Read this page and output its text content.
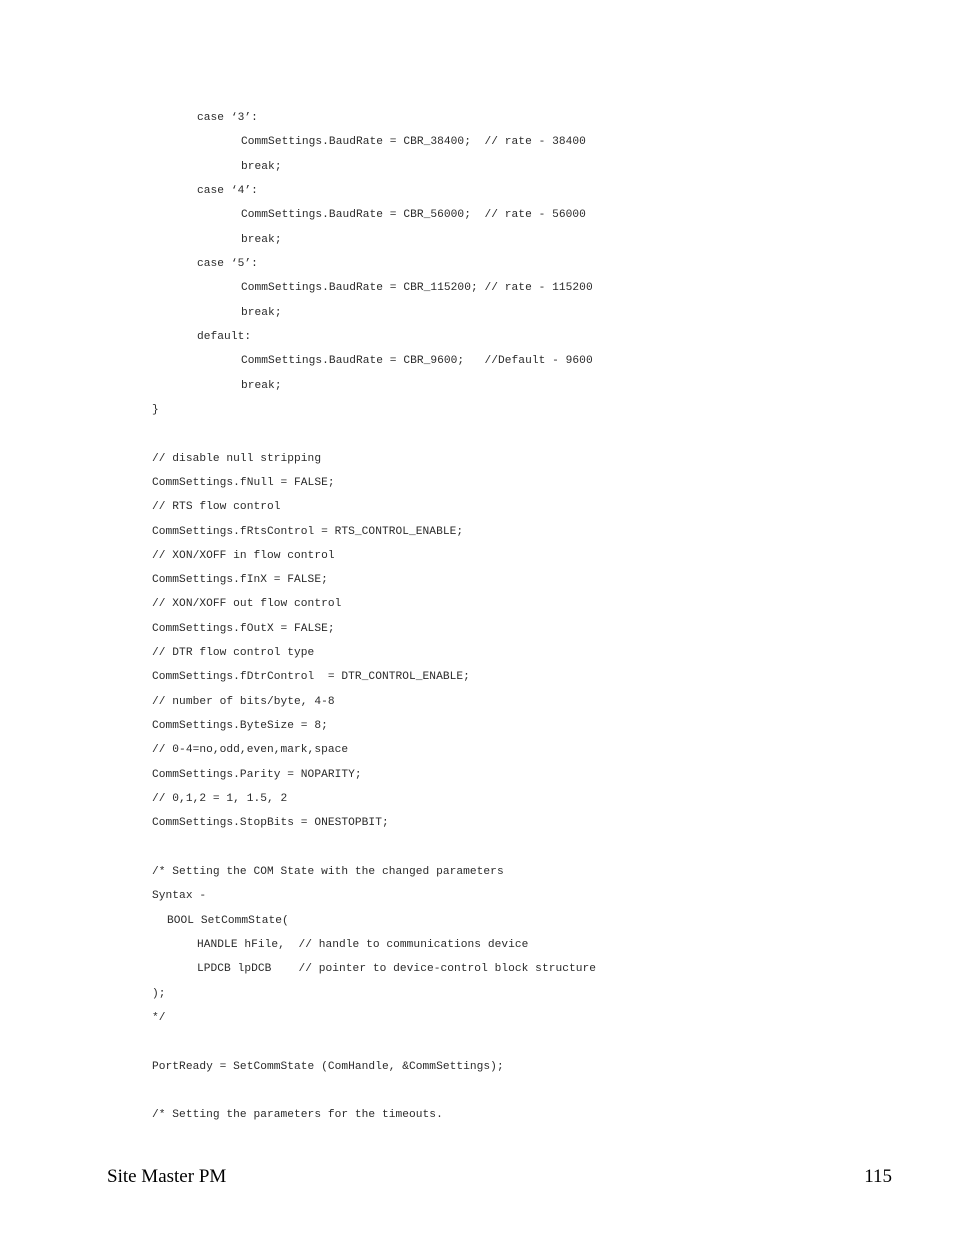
case ‘3’:
CommSettings.BaudRate = CBR_38400;  // rate - 38400
break;
case ‘4’:
CommSettings.BaudRate = CBR_56000;  // rate - 56000
break;
case ‘5’:
CommSettings.BaudRate = CBR_115200; // rate - 115200
break;
default:
CommSettings.BaudRate = CBR_9600;   //Default - 9600
break;
}
// disable null stripping
CommSettings.fNull = FALSE;
// RTS flow control
CommSettings.fRtsControl = RTS_CONTROL_ENABLE;
// XON/XOFF in flow control
CommSettings.fInX = FALSE;
// XON/XOFF out flow control
CommSettings.fOutX = FALSE;
// DTR flow control type
CommSettings.fDtrControl  = DTR_CONTROL_ENABLE;
// number of bits/byte, 4-8
CommSettings.ByteSize = 8;
// 0-4=no,odd,even,mark,space
CommSettings.Parity = NOPARITY;
// 0,1,2 = 1, 1.5, 2
CommSettings.StopBits = ONESTOPBIT;
/* Setting the COM State with the changed parameters
Syntax -
BOOL SetCommState(
HANDLE hFile,  // handle to communications device
LPDCB lpDCB    // pointer to device-control block structure
);
*/
PortReady = SetCommState (ComHandle, &CommSettings);
/* Setting the parameters for the timeouts.
Site Master PM	115
